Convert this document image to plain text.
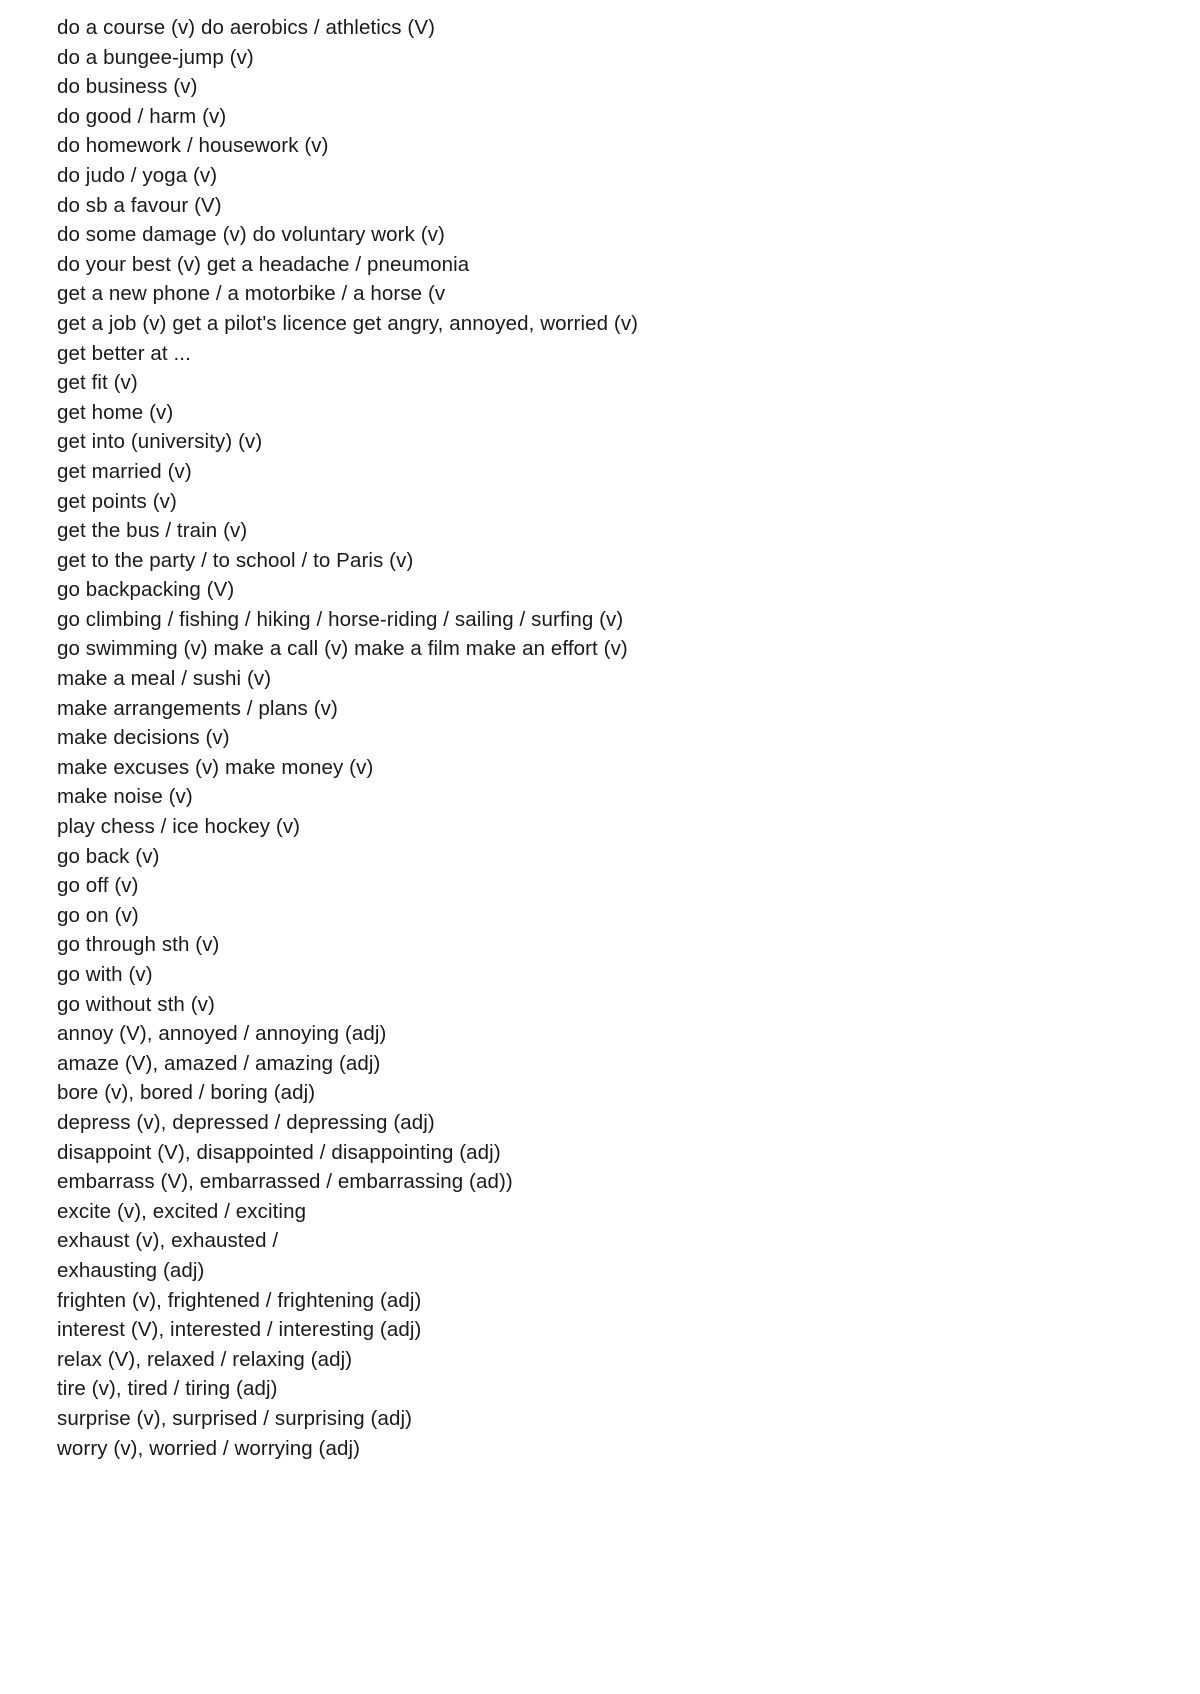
do a course (v) do aerobics / athletics (V)
do a bungee-jump (v)
do business (v)
do good / harm (v)
do homework / housework (v)
do judo / yoga (v)
do sb a favour (V)
do some damage (v) do voluntary work (v)
do your best (v) get a headache / pneumonia
get a new phone / a motorbike / a horse (v
get a job (v) get a pilot's licence get angry, annoyed, worried (v)
get better at ...
get fit (v)
get home (v)
get into (university) (v)
get married (v)
get points (v)
get the bus / train (v)
get to the party / to school / to Paris (v)
go backpacking (V)
go climbing / fishing / hiking / horse-riding / sailing / surfing (v)
go swimming (v) make a call (v) make a film make an effort (v)
make a meal / sushi (v)
make arrangements / plans (v)
make decisions (v)
make excuses (v) make money (v)
make noise (v)
play chess / ice hockey (v)
go back (v)
go off (v)
go on (v)
go through sth (v)
go with (v)
go without sth (v)
annoy (V), annoyed / annoying (adj)
amaze (V), amazed / amazing (adj)
bore (v), bored / boring (adj)
depress (v), depressed / depressing (adj)
disappoint (V), disappointed / disappointing (adj)
embarrass (V), embarrassed / embarrassing (ad))
excite (v), excited / exciting
exhaust (v), exhausted /
exhausting (adj)
frighten (v), frightened / frightening (adj)
interest (V), interested / interesting (adj)
relax (V), relaxed / relaxing (adj)
tire (v), tired / tiring (adj)
surprise (v), surprised / surprising (adj)
worry (v), worried / worrying (adj)
